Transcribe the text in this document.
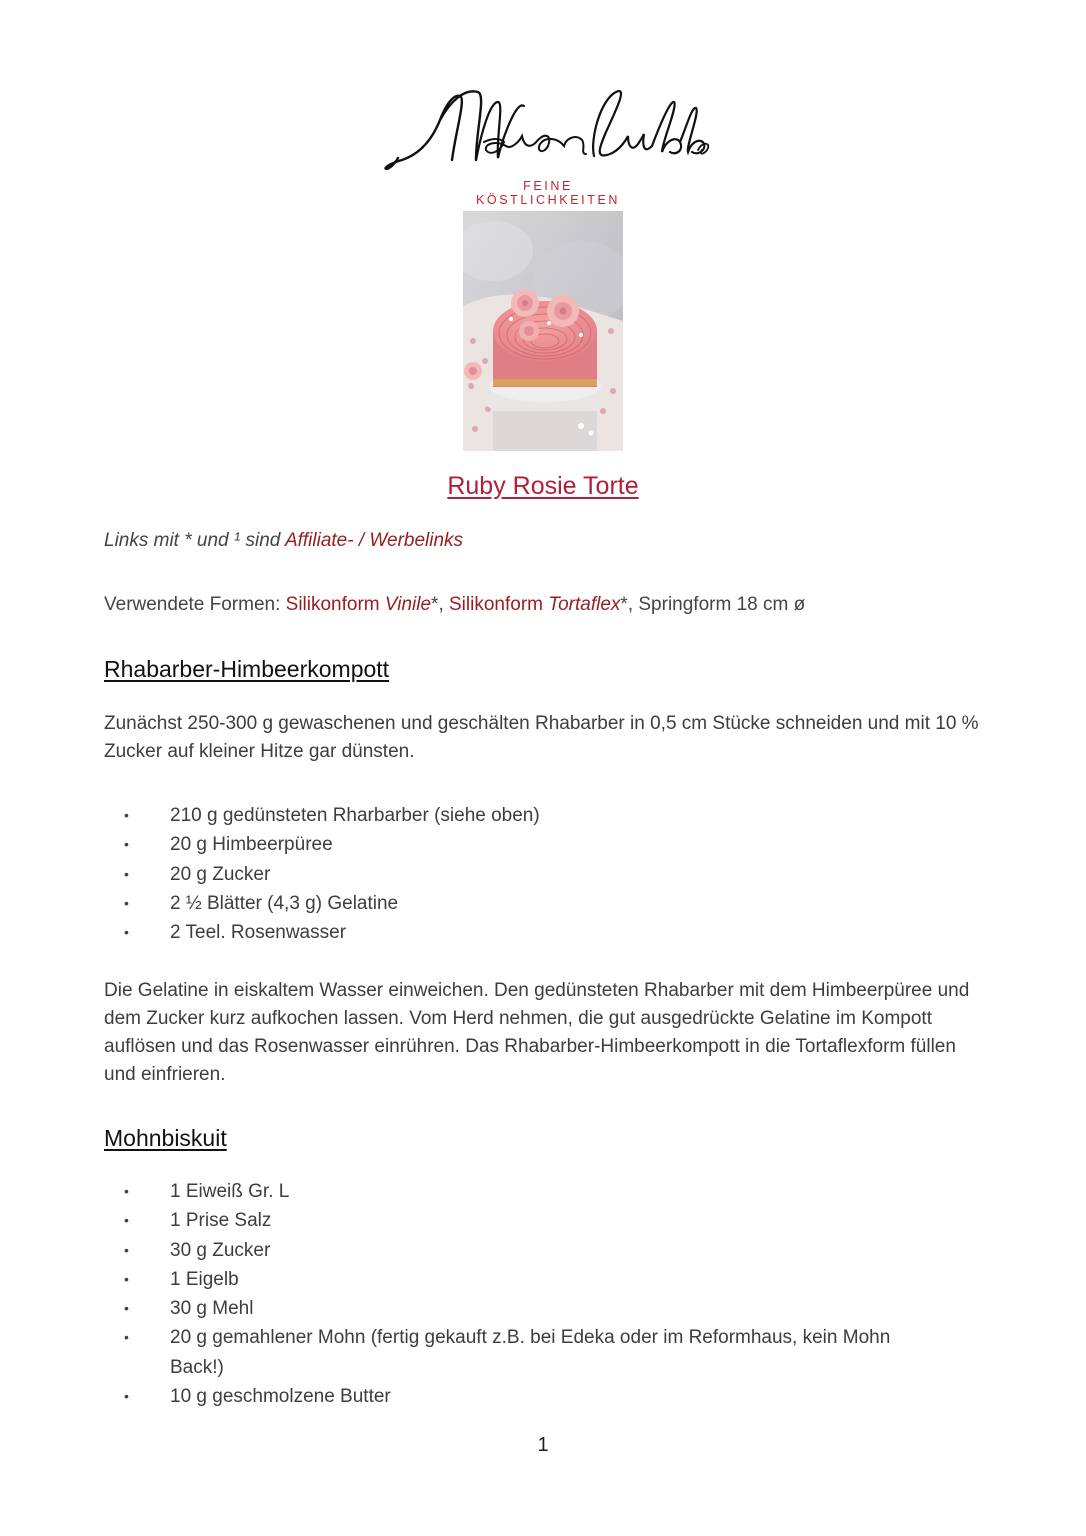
FEINE KÖSTLICHKEITEN
Ruby Rosie Torte
Links mit * und ¹ sind Affiliate- / Werbelinks
Verwendete Formen: Silikonform Vinile*, Silikonform Tortaflex*, Springform 18 cm ø
Rhabarber-Himbeerkompott
Zunächst 250-300 g gewaschenen und geschälten Rhabarber in 0,5 cm Stücke schneiden und mit 10 % Zucker auf kleiner Hitze gar dünsten.
• 210 g gedünsteten Rharbarber (siehe oben)
• 20 g Himbeerpüree
• 20 g Zucker
• 2 ½ Blätter (4,3 g) Gelatine
• 2 Teel. Rosenwasser
Die Gelatine in eiskaltem Wasser einweichen. Den gedünsteten Rhabarber mit dem Himbeerpüree und dem Zucker kurz aufkochen lassen. Vom Herd nehmen, die gut ausgedrückte Gelatine im Kompott auflösen und das Rosenwasser einrühren. Das Rhabarber-Himbeerkompott in die Tortaflexform füllen und einfrieren.
Mohnbiskuit
• 1 Eiweiß Gr. L
• 1 Prise Salz
• 30 g Zucker
• 1 Eigelb
• 30 g Mehl
• 20 g gemahlener Mohn (fertig gekauft z.B. bei Edeka oder im Reformhaus, kein Mohn Back!)
• 10 g geschmolzene Butter
1
